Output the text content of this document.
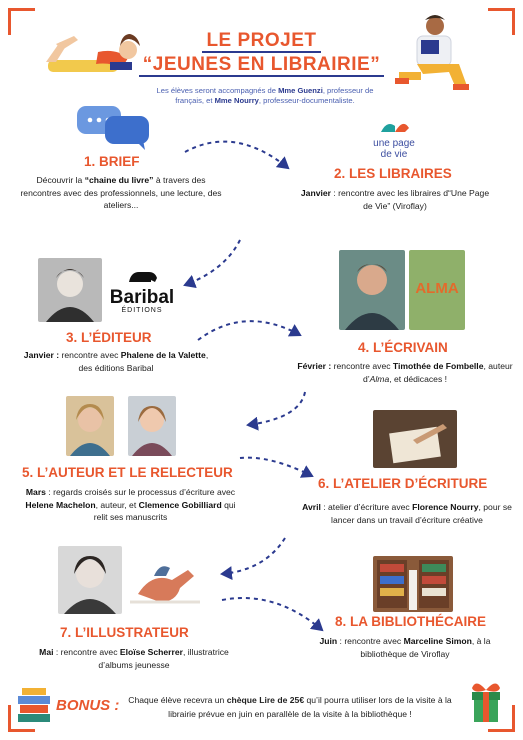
LE PROJET
“JEUNES EN LIBRAIRIE”
Les élèves seront accompagnés de Mme Guenzi, professeur de français, et Mme Nourry, professeur-documentaliste.
1. BRIEF
Découvrir la “chaine du livre” à travers des rencontres avec des professionnels, une lecture, des ateliers...
une page
de vie
2. LES LIBRAIRES
Janvier : rencontre avec les libraires d“Une Page de Vie” (Viroflay)
Baribal
ÉDITIONS
3. L’ÉDITEUR
Janvier : rencontre avec Phalene de la Valette, des éditions Baribal
ALMA
4. L’ÉCRIVAIN
Février : rencontre avec Timothée de Fombelle, auteur d’Alma, et dédicaces !
5. L’AUTEUR ET LE RELECTEUR
Mars : regards croisés sur le processus d’écriture avec Helene Machelon, auteur, et Clemence Gobilliard qui relit ses manuscrits
6. L’ATELIER D’ÉCRITURE
Avril : atelier d’écriture avec Florence Nourry, pour se lancer dans un travail d’écriture créative
7. L’ILLUSTRATEUR
Mai : rencontre avec Eloïse Scherrer, illustratrice d’albums jeunesse
8. LA BIBLIOTHÉCAIRE
Juin : rencontre avec Marceline Simon, à la bibliothèque de Viroflay
BONUS :	Chaque élève recevra un chèque Lire de 25€ qu’il pourra utiliser lors de la visite à la librairie prévue en juin en parallèle de la visite à la bibliothèque !
